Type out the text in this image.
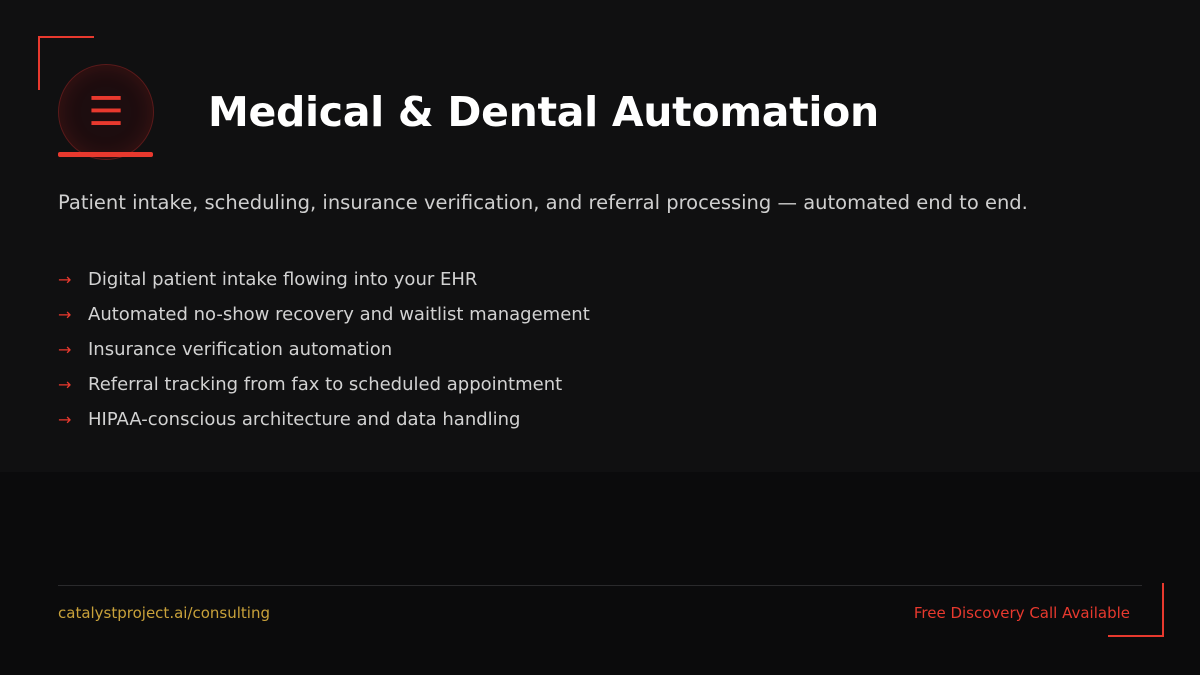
☰ Medical & Dental Automation
Patient intake, scheduling, insurance verification, and referral processing — automated end to end.
→ Digital patient intake flowing into your EHR
→ Automated no-show recovery and waitlist management
→ Insurance verification automation
→ Referral tracking from fax to scheduled appointment
→ HIPAA-conscious architecture and data handling
catalystproject.ai/consulting	Free Discovery Call Available
